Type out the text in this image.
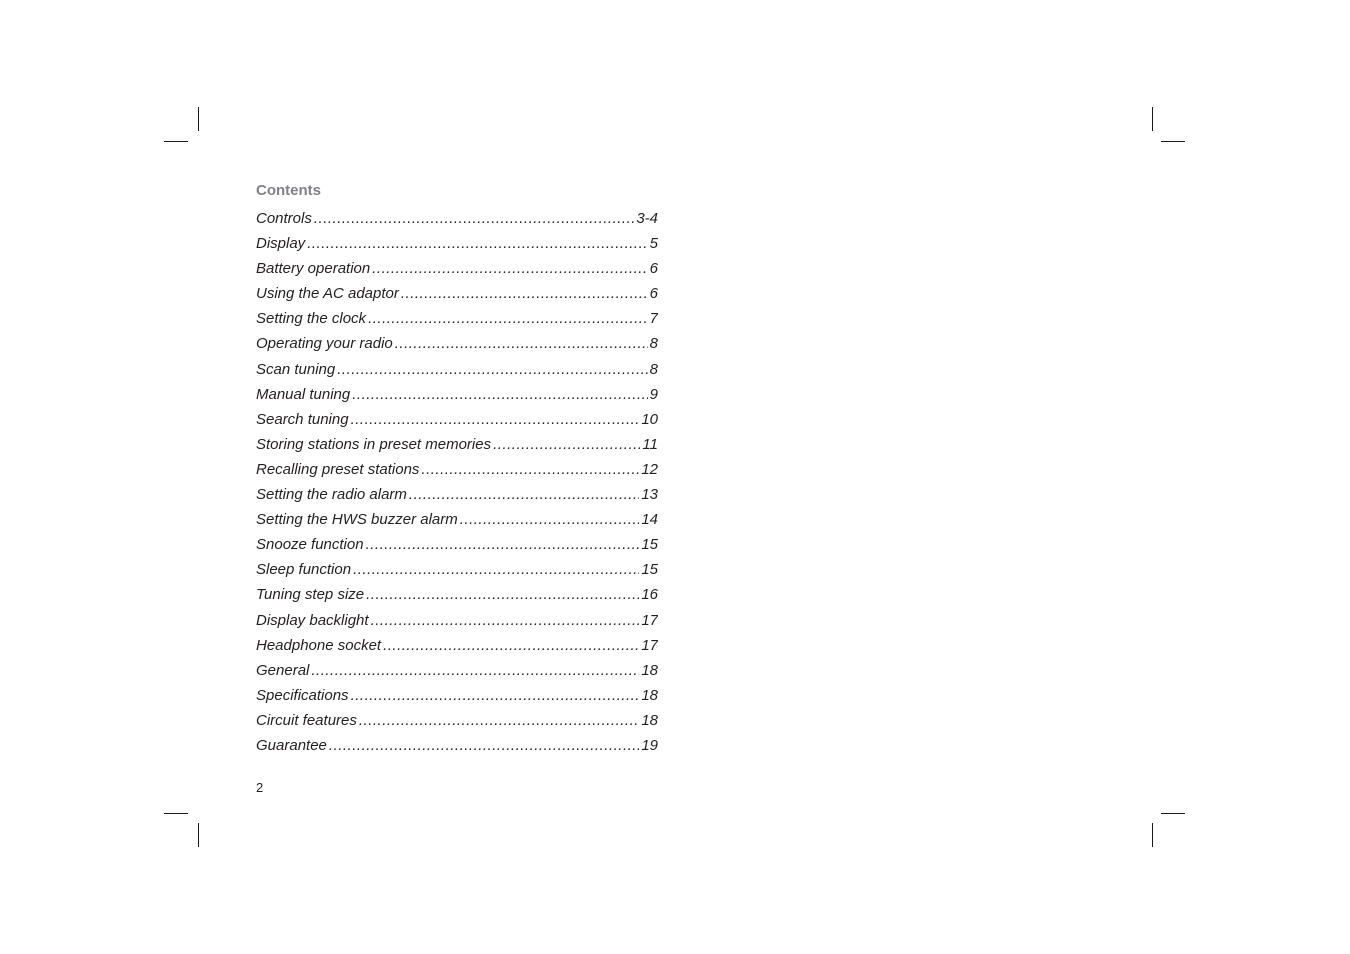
Contents
Controls .....	3-4
Display .....	5
Battery operation .....	6
Using the AC adaptor .....	6
Setting the clock .....	7
Operating your radio .....	8
Scan tuning .....	8
Manual tuning .....	9
Search tuning .....	10
Storing stations in preset memories .....	11
Recalling preset stations .....	12
Setting the radio alarm .....	13
Setting the HWS buzzer alarm .....	14
Snooze function .....	15
Sleep function .....	15
Tuning step size .....	16
Display backlight .....	17
Headphone socket .....	17
General .....	18
Specifications .....	18
Circuit features .....	18
Guarantee .....	19
2
